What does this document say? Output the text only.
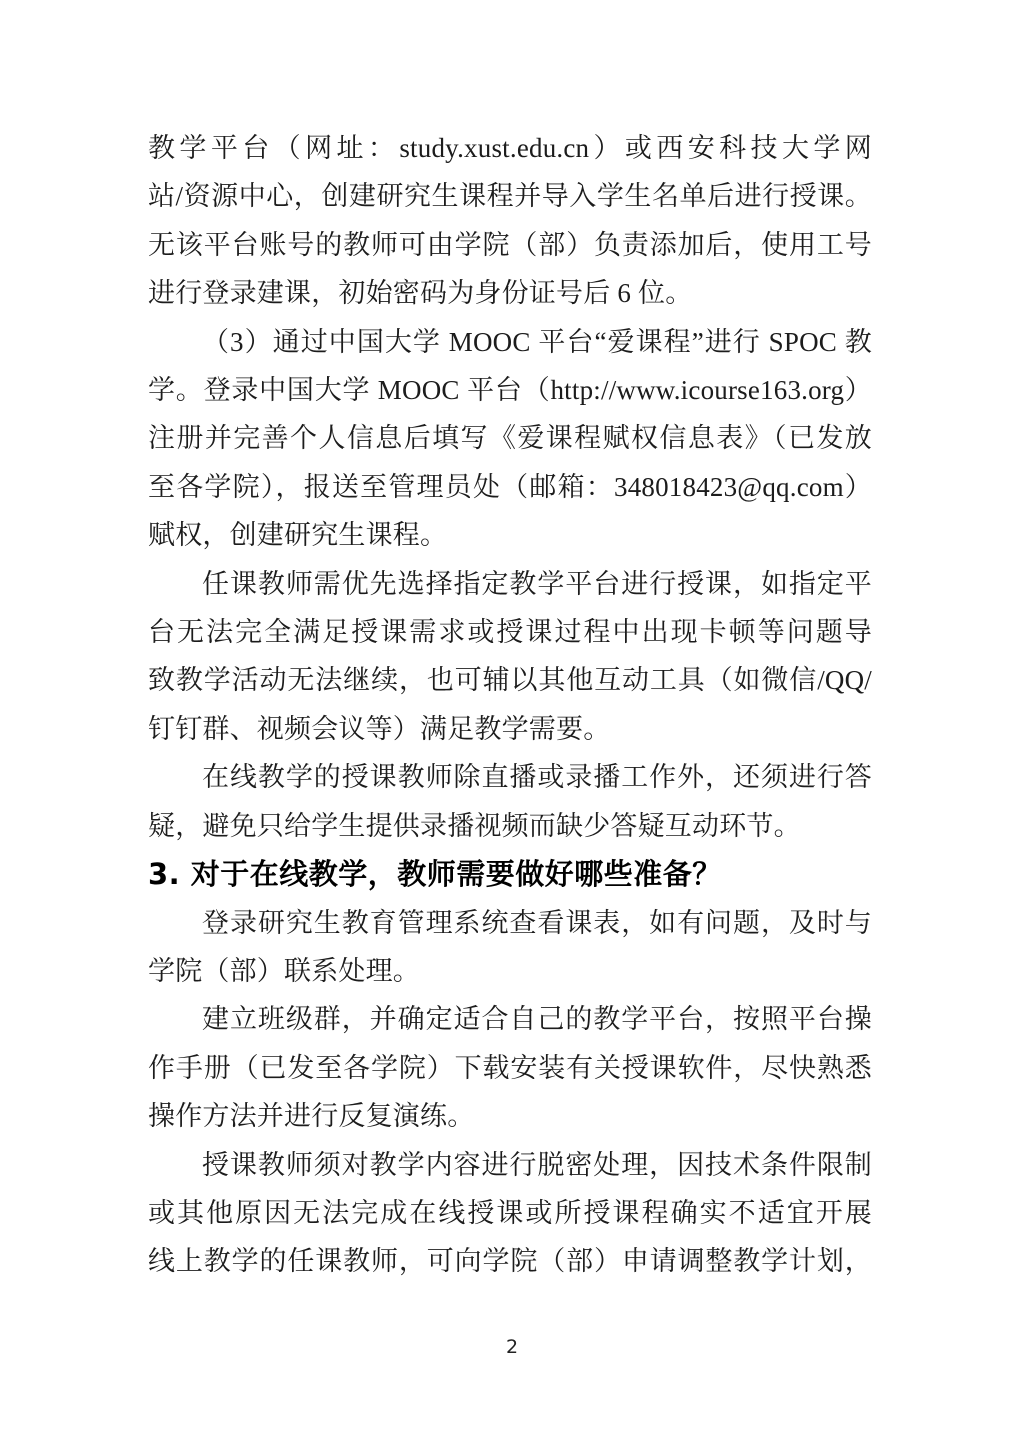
教学平台（网址：study.xust.edu.cn）或西安科技大学网
站/资源中心，创建研究生课程并导入学生名单后进行授课。
无该平台账号的教师可由学院（部）负责添加后，使用工号
进行登录建课，初始密码为身份证号后 6 位。
（3）通过中国大学 MOOC 平台“爱课程”进行 SPOC 教
学。登录中国大学 MOOC 平台（http://www.icourse163.org）
注册并完善个人信息后填写《爱课程赋权信息表》（已发放
至各学院），报送至管理员处（邮箱：348018423@qq.com）
赋权，创建研究生课程。
任课教师需优先选择指定教学平台进行授课，如指定平
台无法完全满足授课需求或授课过程中出现卡顿等问题导
致教学活动无法继续，也可辅以其他互动工具（如微信/QQ/
钉钉群、视频会议等）满足教学需要。
在线教学的授课教师除直播或录播工作外，还须进行答
疑，避免只给学生提供录播视频而缺少答疑互动环节。
3. 对于在线教学，教师需要做好哪些准备？
登录研究生教育管理系统查看课表，如有问题，及时与
学院（部）联系处理。
建立班级群，并确定适合自己的教学平台，按照平台操
作手册（已发至各学院）下载安装有关授课软件，尽快熟悉
操作方法并进行反复演练。
授课教师须对教学内容进行脱密处理，因技术条件限制
或其他原因无法完成在线授课或所授课程确实不适宜开展
线上教学的任课教师，可向学院（部）申请调整教学计划，
2
